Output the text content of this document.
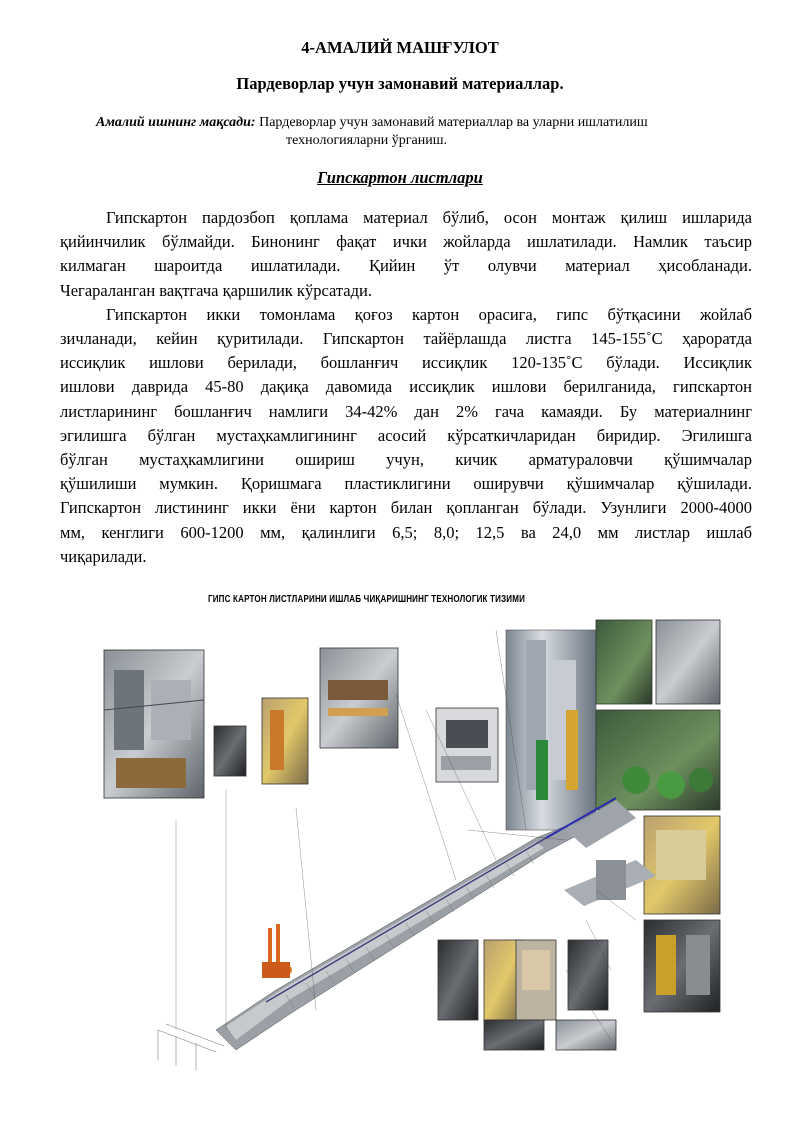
4-АМАЛИЙ МАШҒУЛОТ
Пардеворлар учун замонавий материаллар.
Амалий ишнинг мақсади: Пардеворлар учун замонавий материаллар ва уларни ишлатилиш
технологияларни ўрганиш.
Гипскартон листлари
Гипскартон пардозбоп қоплама материал бўлиб, осон монтаж қилиш ишларида
қийинчилик бўлмайди. Бинонинг фақат ички жойларда ишлатилади. Намлик таъсир
килмаган шароитда ишлатилади. Қийин ўт олувчи материал ҳисобланади.
Чегараланган вақтгача қаршилик кўрсатади.
Гипскартон икки томонлама қоғоз картон орасига, гипс бўтқасини жойлаб
зичланади, кейин қуритилади. Гипскартон тайёрлашда листга 145-155˚С ҳароратда
иссиқлик ишлови берилади, бошланғич иссиқлик 120-135˚С бўлади. Иссиқлик
ишлови даврида 45-80 дақиқа давомида иссиқлик ишлови берилганида, гипскартон
листларининг бошланғич намлиги 34-42% дан 2% гача камаяди. Бу материалнинг
эгилишга бўлган мустаҳкамлигининг асосий кўрсаткичларидан биридир. Эгилишга
бўлган мустаҳкамлигини ошириш учун, кичик арматураловчи қўшимчалар
қўшилиши мумкин. Қоришмага пластиклигини оширувчи қўшимчалар қўшилади.
Гипскартон листининг икки ёни картон билан қопланган бўлади. Узунлиги 2000-4000
мм, кенглиги 600-1200 мм, қалинлиги 6,5; 8,0; 12,5 ва 24,0 мм листлар ишлаб
чиқарилади.
ГИПС КАРТОН ЛИСТЛАРИНИ ИШЛАБ ЧИҚАРИШНИНГ ТЕХНОЛОГИК ТИЗИМИ
